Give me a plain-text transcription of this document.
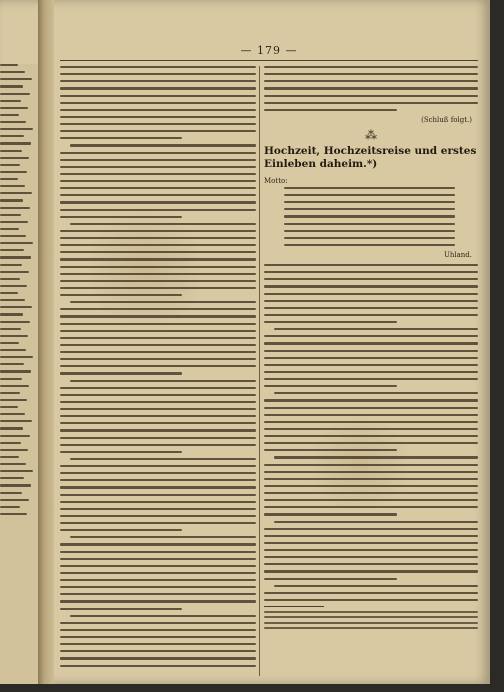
— 179 —
(Schluß folgt.)
⁂
Hochzeit, Hochzeitsreise und erstes Einleben daheim.*)
Motto:
Uhland.
